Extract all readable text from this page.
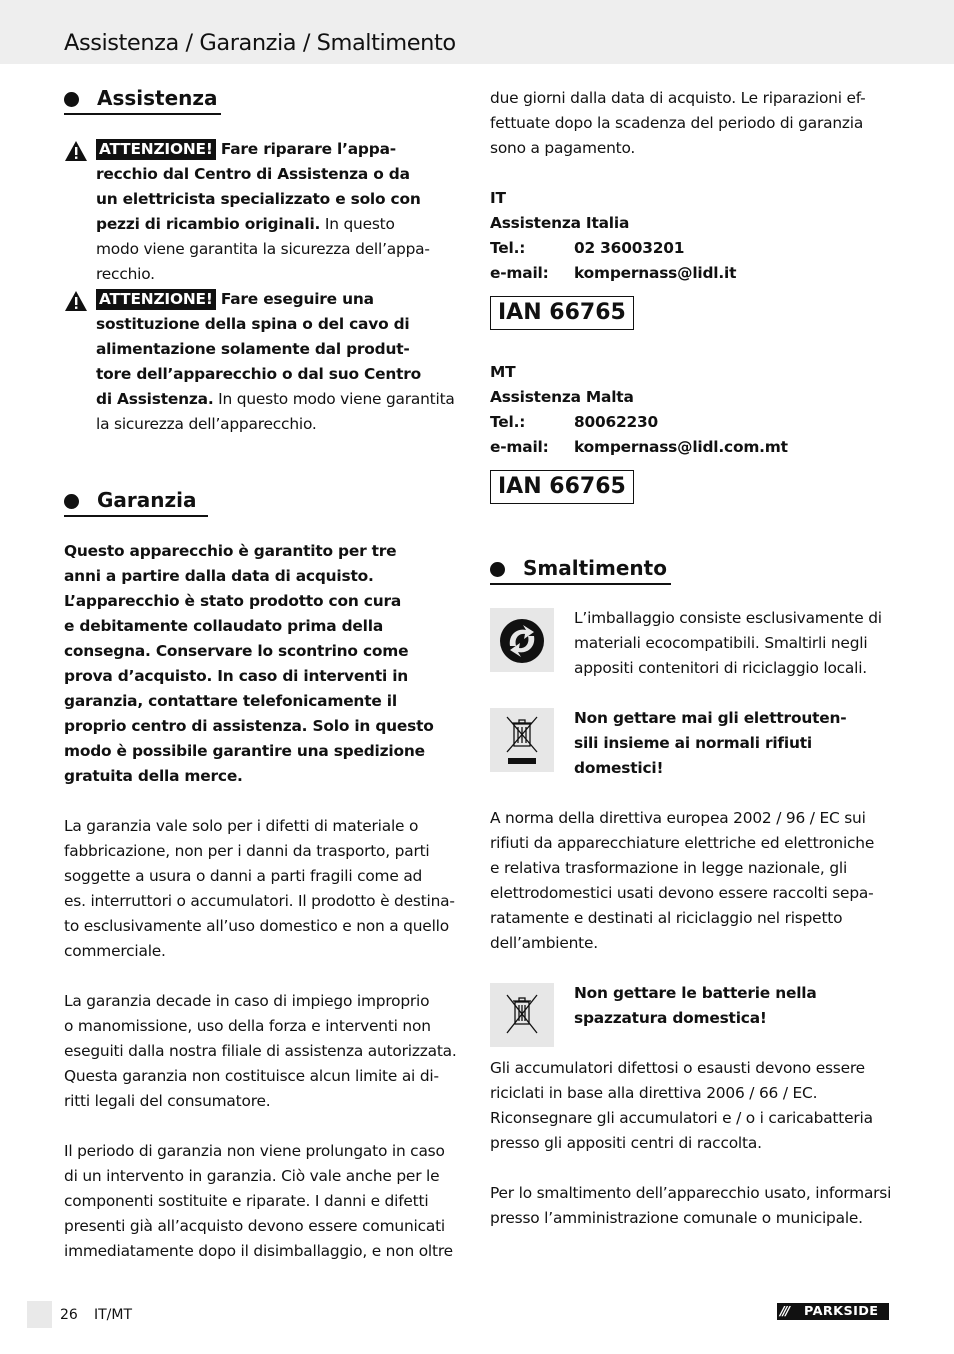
Assistenza / Garanzia / Smaltimento
Assistenza

ATTENZIONE! Fare riparare l’appa-

recchio dal Centro di Assistenza o da

un elettricista specializzato e solo con

pezzi di ricambio originali. In questo

modo viene garantita la sicurezza dell’appa-

recchio.

ATTENZIONE! Fare eseguire una

sostituzione della spina o del cavo di

alimentazione solamente dal produt-

tore dell’apparecchio o dal suo Centro

di Assistenza. In questo modo viene garantita

la sicurezza dell’apparecchio.

Garanzia

Questo apparecchio è garantito per tre

anni a partire dalla data di acquisto.

L’apparecchio è stato prodotto con cura

e debitamente collaudato prima della

consegna. Conservare lo scontrino come

prova d’acquisto. In caso di interventi in

garanzia, contattare telefonicamente il

proprio centro di assistenza. Solo in questo

modo è possibile garantire una spedizione

gratuita della merce.

La garanzia vale solo per i difetti di materiale o

fabbricazione, non per i danni da trasporto, parti

soggette a usura o danni a parti fragili come ad

es. interruttori o accumulatori. Il prodotto è destina-

to esclusivamente all’uso domestico e non a quello

commerciale.

La garanzia decade in caso di impiego improprio

o manomissione, uso della forza e interventi non

eseguiti dalla nostra filiale di assistenza autorizzata.

Questa garanzia non costituisce alcun limite ai di-

ritti legali del consumatore.

Il periodo di garanzia non viene prolungato in caso

di un intervento in garanzia. Ciò vale anche per le

componenti sostituite e riparate. I danni e difetti

presenti già all’acquisto devono essere comunicati

immediatamente dopo il disimballaggio, e non oltre

due giorni dalla data di acquisto. Le riparazioni ef-

fettuate dopo la scadenza del periodo di garanzia

sono a pagamento.

IT

Assistenza Italia

Tel.:	02 36003201
e-mail:	kompernass@lidl.it
IAN 66765

MT

Assistenza Malta

Tel.:	80062230
e-mail:	kompernass@lidl.com.mt
IAN 66765
Smaltimento

L’imballaggio consiste esclusivamente di

materiali ecocompatibili. Smaltirli negli

appositi contenitori di riciclaggio locali.

Non gettare mai gli elettrouten-

sili insieme ai normali rifiuti

domestici!

A norma della direttiva europea 2002 / 96 / EC sui

rifiuti da apparecchiature elettriche ed elettroniche

e relativa trasformazione in legge nazionale, gli

elettrodomestici usati devono essere raccolti sepa-

ratamente e destinati al riciclaggio nel rispetto

dell’ambiente.

Non gettare le batterie nella

spazzatura domestica!

Gli accumulatori difettosi o esausti devono essere

riciclati in base alla direttiva 2006 / 66 / EC.

Riconsegnare gli accumulatori e / o i caricabatteria

presso gli appositi centri di raccolta.

Per lo smaltimento dell’apparecchio usato, informarsi

presso l’amministrazione comunale o municipale.

26 IT/MT	/// PARKSIDE
